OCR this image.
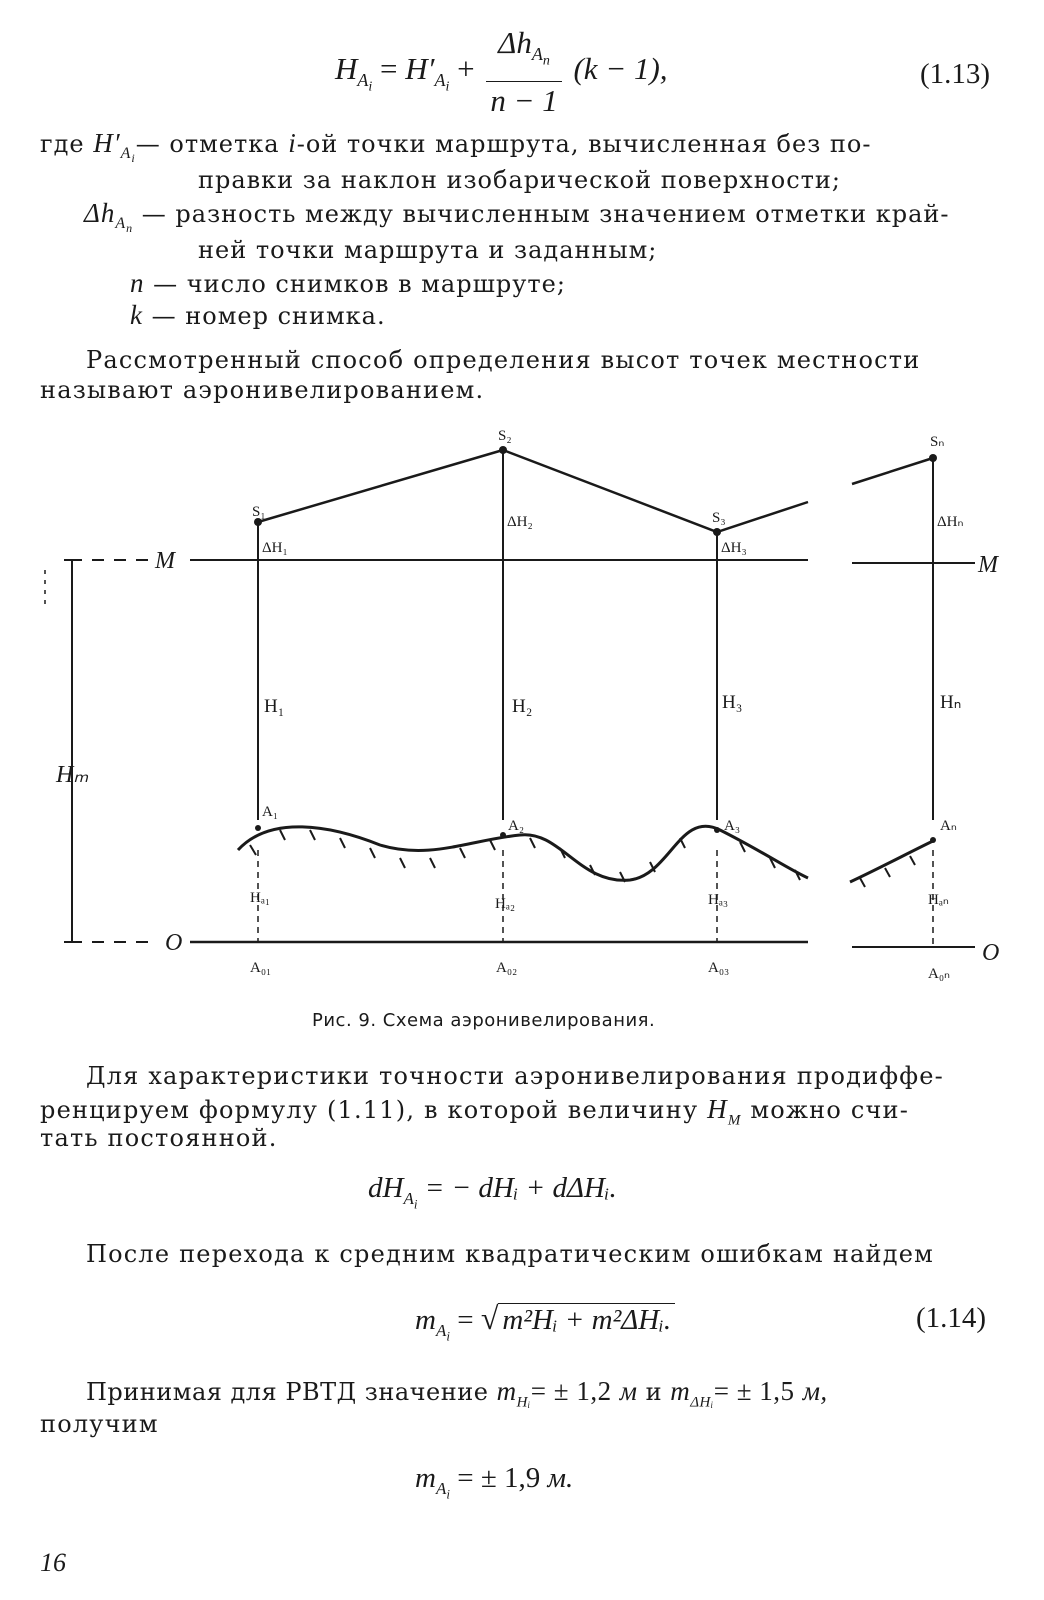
$H_{A_i} = H'_{A_i} + \frac{\Delta h_{A_n}}{n - 1} (k - 1)$,	(1.13)
где $H'_{A_i}—$ отметка i-ой точки маршрута, вычисленная без по-
правки за наклон изобарической поверхности;
$\Delta h_{A_n}$ — разность между вычисленным значением отметки край-
ней точки маршрута и заданным;
n — число снимков в маршруте;
k — номер снимка.
Рассмотренный способ определения высот точек местности
называют аэронивелированием.
M	M
O	O
Hₘ
S₁
ΔH₁
H₁
A₁
Hₐ₁
A₀₁
S₂
ΔH₂
H₂
A₂
Hₐ₂
A₀₂
S₃
ΔH₃
H₃
A₃
Hₐ₃
A₀₃
Sₙ
ΔHₙ
Hₙ
Aₙ
Hₐₙ
A₀ₙ
Рис. 9. Схема аэронивелирования.
Для характеристики точности аэронивелирования продиффе-
ренцируем формулу (1.11), в которой величину $H_M$ можно счи-
тать постоянной.
$dH_{A_i}$ = − dHᵢ + dΔHᵢ.
После перехода к средним квадратическим ошибкам найдем
$m_{A_i}$ = √ m²Hᵢ + m²ΔHᵢ.	(1.14)
Принимая для РВТД значение $m_{Hᵢ}= \pm 1,2$ м и $m_{\Delta Hᵢ}= \pm 1,5$ м,
получим
$m_{A_i}$ = ± 1,9 м.
16
